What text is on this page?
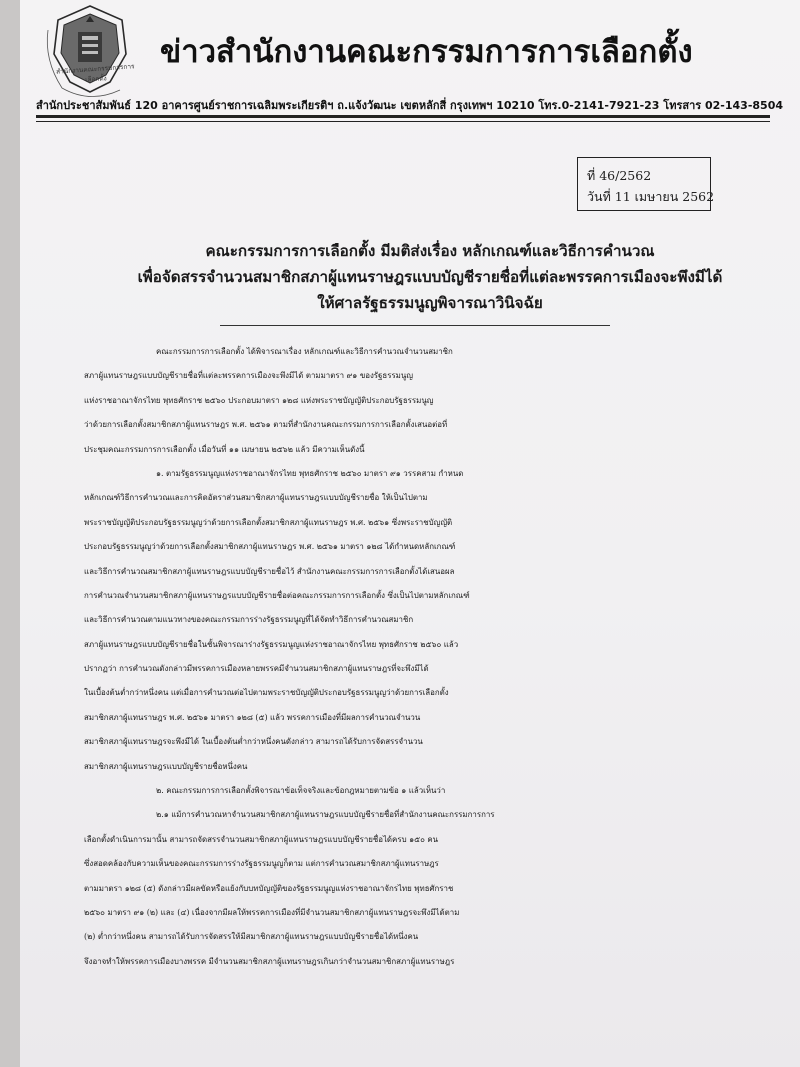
สำนักงานคณะกรรมการการเลือกตั้ง
ข่าวสำนักงานคณะกรรมการการเลือกตั้ง
สำนักประชาสัมพันธ์ 120 อาคารศูนย์ราชการเฉลิมพระเกียรติฯ ถ.แจ้งวัฒนะ เขตหลักสี่ กรุงเทพฯ 10210 โทร.0-2141-7921-23 โทรสาร 02-143-8504
ที่ 46/2562
วันที่ 11 เมษายน 2562
คณะกรรมการการเลือกตั้ง มีมติส่งเรื่อง หลักเกณฑ์และวิธีการคำนวณ
เพื่อจัดสรรจำนวนสมาชิกสภาผู้แทนราษฎรแบบบัญชีรายชื่อที่แต่ละพรรคการเมืองจะพึงมีได้
ให้ศาลรัฐธรรมนูญพิจารณาวินิจฉัย
คณะกรรมการการเลือกตั้ง ได้พิจารณาเรื่อง หลักเกณฑ์และวิธีการคำนวณจำนวนสมาชิก
สภาผู้แทนราษฎรแบบบัญชีรายชื่อที่แต่ละพรรคการเมืองจะพึงมีได้ ตามมาตรา ๙๑ ของรัฐธรรมนูญ
แห่งราชอาณาจักรไทย พุทธศักราช ๒๕๖๐ ประกอบมาตรา ๑๒๘ แห่งพระราชบัญญัติประกอบรัฐธรรมนูญ
ว่าด้วยการเลือกตั้งสมาชิกสภาผู้แทนราษฎร พ.ศ. ๒๕๖๑ ตามที่สำนักงานคณะกรรมการการเลือกตั้งเสนอต่อที่
ประชุมคณะกรรมการการเลือกตั้ง เมื่อวันที่ ๑๑ เมษายน ๒๕๖๒ แล้ว มีความเห็นดังนี้
๑. ตามรัฐธรรมนูญแห่งราชอาณาจักรไทย พุทธศักราช ๒๕๖๐ มาตรา ๙๑ วรรคสาม กำหนด
หลักเกณฑ์วิธีการคำนวณและการคิดอัตราส่วนสมาชิกสภาผู้แทนราษฎรแบบบัญชีรายชื่อ ให้เป็นไปตาม
พระราชบัญญัติประกอบรัฐธรรมนูญว่าด้วยการเลือกตั้งสมาชิกสภาผู้แทนราษฎร พ.ศ. ๒๕๖๑ ซึ่งพระราชบัญญัติ
ประกอบรัฐธรรมนูญว่าด้วยการเลือกตั้งสมาชิกสภาผู้แทนราษฎร พ.ศ. ๒๕๖๑ มาตรา ๑๒๘ ได้กำหนดหลักเกณฑ์
และวิธีการคำนวณสมาชิกสภาผู้แทนราษฎรแบบบัญชีรายชื่อไว้ สำนักงานคณะกรรมการการเลือกตั้งได้เสนอผล
การคำนวณจำนวนสมาชิกสภาผู้แทนราษฎรแบบบัญชีรายชื่อต่อคณะกรรมการการเลือกตั้ง ซึ่งเป็นไปตามหลักเกณฑ์
และวิธีการคำนวณตามแนวทางของคณะกรรมการร่างรัฐธรรมนูญที่ได้จัดทำวิธีการคำนวณสมาชิก
สภาผู้แทนราษฎรแบบบัญชีรายชื่อในชั้นพิจารณาร่างรัฐธรรมนูญแห่งราชอาณาจักรไทย พุทธศักราช ๒๕๖๐ แล้ว
ปรากฏว่า การคำนวณดังกล่าวมีพรรคการเมืองหลายพรรคมีจำนวนสมาชิกสภาผู้แทนราษฎรที่จะพึงมีได้
ในเบื้องต้นต่ำกว่าหนึ่งคน แต่เมื่อการคำนวณต่อไปตามพระราชบัญญัติประกอบรัฐธรรมนูญว่าด้วยการเลือกตั้ง
สมาชิกสภาผู้แทนราษฎร พ.ศ. ๒๕๖๑ มาตรา ๑๒๘ (๕) แล้ว พรรคการเมืองที่มีผลการคำนวณจำนวน
สมาชิกสภาผู้แทนราษฎรจะพึงมีได้ ในเบื้องต้นต่ำกว่าหนึ่งคนดังกล่าว สามารถได้รับการจัดสรรจำนวน
สมาชิกสภาผู้แทนราษฎรแบบบัญชีรายชื่อหนึ่งคน
๒. คณะกรรมการการเลือกตั้งพิจารณาข้อเท็จจริงและข้อกฎหมายตามข้อ ๑ แล้วเห็นว่า
๒.๑ แม้การคำนวณหาจำนวนสมาชิกสภาผู้แทนราษฎรแบบบัญชีรายชื่อที่สำนักงานคณะกรรมการการ
เลือกตั้งดำเนินการมานั้น สามารถจัดสรรจำนวนสมาชิกสภาผู้แทนราษฎรแบบบัญชีรายชื่อได้ครบ ๑๕๐ คน
ซึ่งสอดคล้องกับความเห็นของคณะกรรมการร่างรัฐธรรมนูญก็ตาม แต่การคำนวณสมาชิกสภาผู้แทนราษฎร
ตามมาตรา ๑๒๘ (๕) ดังกล่าวมีผลขัดหรือแย้งกับบทบัญญัติของรัฐธรรมนูญแห่งราชอาณาจักรไทย พุทธศักราช
๒๕๖๐ มาตรา ๙๑ (๒) และ (๔) เนื่องจากมีผลให้พรรคการเมืองที่มีจำนวนสมาชิกสภาผู้แทนราษฎรจะพึงมีได้ตาม
(๒) ต่ำกว่าหนึ่งคน สามารถได้รับการจัดสรรให้มีสมาชิกสภาผู้แทนราษฎรแบบบัญชีรายชื่อได้หนึ่งคน
จึงอาจทำให้พรรคการเมืองบางพรรค มีจำนวนสมาชิกสภาผู้แทนราษฎรเกินกว่าจำนวนสมาชิกสภาผู้แทนราษฎร
